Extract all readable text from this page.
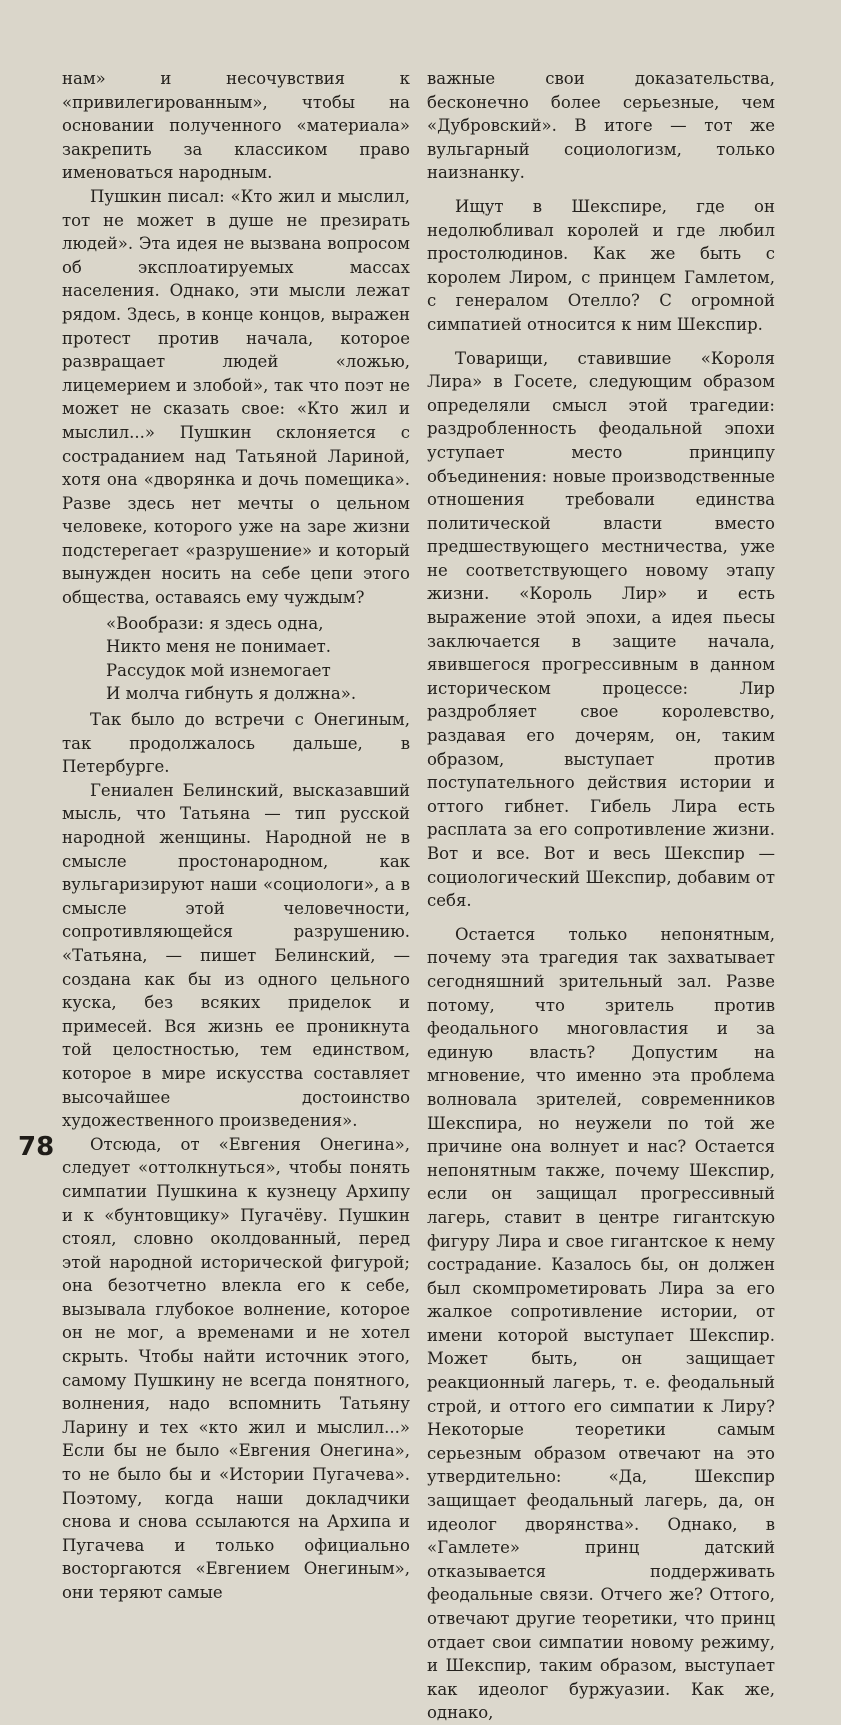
нам» и несочувствия к «привилегированным», чтобы на основании полученного «материала» закрепить за классиком право именоваться народным.

Пушкин писал: «Кто жил и мыслил, тот не может в душе не презирать людей». Эта идея не вызвана вопросом об эксплоатируемых массах населения. Однако, эти мысли лежат рядом. Здесь, в конце концов, выражен протест против начала, которое развращает людей «ложью, лицемерием и злобой», так что поэт не может не сказать свое: «Кто жил и мыслил...» Пушкин склоняется с состраданием над Татьяной Лариной, хотя она «дворянка и дочь помещика». Разве здесь нет мечты о цельном человеке, которого уже на заре жизни подстерегает «разрушение» и который вынужден носить на себе цепи этого общества, оставаясь ему чуждым?

«Вообрази: я здесь одна,
Никто меня не понимает.
Рассудок мой изнемогает
И молча гибнуть я должна».

Так было до встречи с Онегиным, так продолжалось дальше, в Петербурге.

Гениален Белинский, высказавший мысль, что Татьяна — тип русской народной женщины. Народной не в смысле простонародном, как вульгаризируют наши «социологи», а в смысле этой человечности, сопротивляющейся разрушению. «Татьяна, — пишет Белинский, — создана как бы из одного цельного куска, без всяких приделок и примесей. Вся жизнь ее проникнута той целостностью, тем единством, которое в мире искусства составляет высочайшее достоинство художественного произведения».

Отсюда, от «Евгения Онегина», следует «оттолкнуться», чтобы понять симпатии Пушкина к кузнецу Архипу и к «бунтовщику» Пугачёву. Пушкин стоял, словно околдованный, перед этой народной исторической фигурой; она безотчетно влекла его к себе, вызывала глубокое волнение, которое он не мог, а временами и не хотел скрыть. Чтобы найти источник этого, самому Пушкину не всегда понятного, волнения, надо вспомнить Татьяну Ларину и тех «кто жил и мыслил...» Если бы не было «Евгения Онегина», то не было бы и «Истории Пугачева». Поэтому, когда наши докладчики снова и снова ссылаются на Архипа и Пугачева и только официально восторгаются «Евгением Онегиным», они теряют самые

важные свои доказательства, бесконечно более серьезные, чем «Дубровский». В итоге — тот же вульгарный социологизм, только наизнанку.

Ищут в Шекспире, где он недолюбливал королей и где любил простолюдинов. Как же быть с королем Лиром, с принцем Гамлетом, с генералом Отелло? С огромной симпатией относится к ним Шекспир.

Товарищи, ставившие «Короля Лира» в Госете, следующим образом определяли смысл этой трагедии: раздробленность феодальной эпохи уступает место принципу объединения: новые производственные отношения требовали единства политической власти вместо предшествующего местничества, уже не соответствующего новому этапу жизни. «Король Лир» и есть выражение этой эпохи, а идея пьесы заключается в защите начала, явившегося прогрессивным в данном историческом процессе: Лир раздробляет свое королевство, раздавая его дочерям, он, таким образом, выступает против поступательного действия истории и оттого гибнет. Гибель Лира есть расплата за его сопротивление жизни. Вот и все. Вот и весь Шекспир — социологический Шекспир, добавим от себя.

Остается только непонятным, почему эта трагедия так захватывает сегодняшний зрительный зал. Разве потому, что зритель против феодального многовластия и за единую власть? Допустим на мгновение, что именно эта проблема волновала зрителей, современников Шекспира, но неужели по той же причине она волнует и нас? Остается непонятным также, почему Шекспир, если он защищал прогрессивный лагерь, ставит в центре гигантскую фигуру Лира и свое гигантское к нему сострадание. Казалось бы, он должен был скомпрометировать Лира за его жалкое сопротивление истории, от имени которой выступает Шекспир. Может быть, он защищает реакционный лагерь, т. е. феодальный строй, и оттого его симпатии к Лиру? Некоторые теоретики самым серьезным образом отвечают на это утвердительно: «Да, Шекспир защищает феодальный лагерь, да, он идеолог дворянства». Однако, в «Гамлете» принц датский отказывается поддерживать феодальные связи. Отчего же? Оттого, отвечают другие теоретики, что принц отдает свои симпатии новому режиму, и Шекспир, таким образом, выступает как идеолог буржуазии. Как же, однако,

78
